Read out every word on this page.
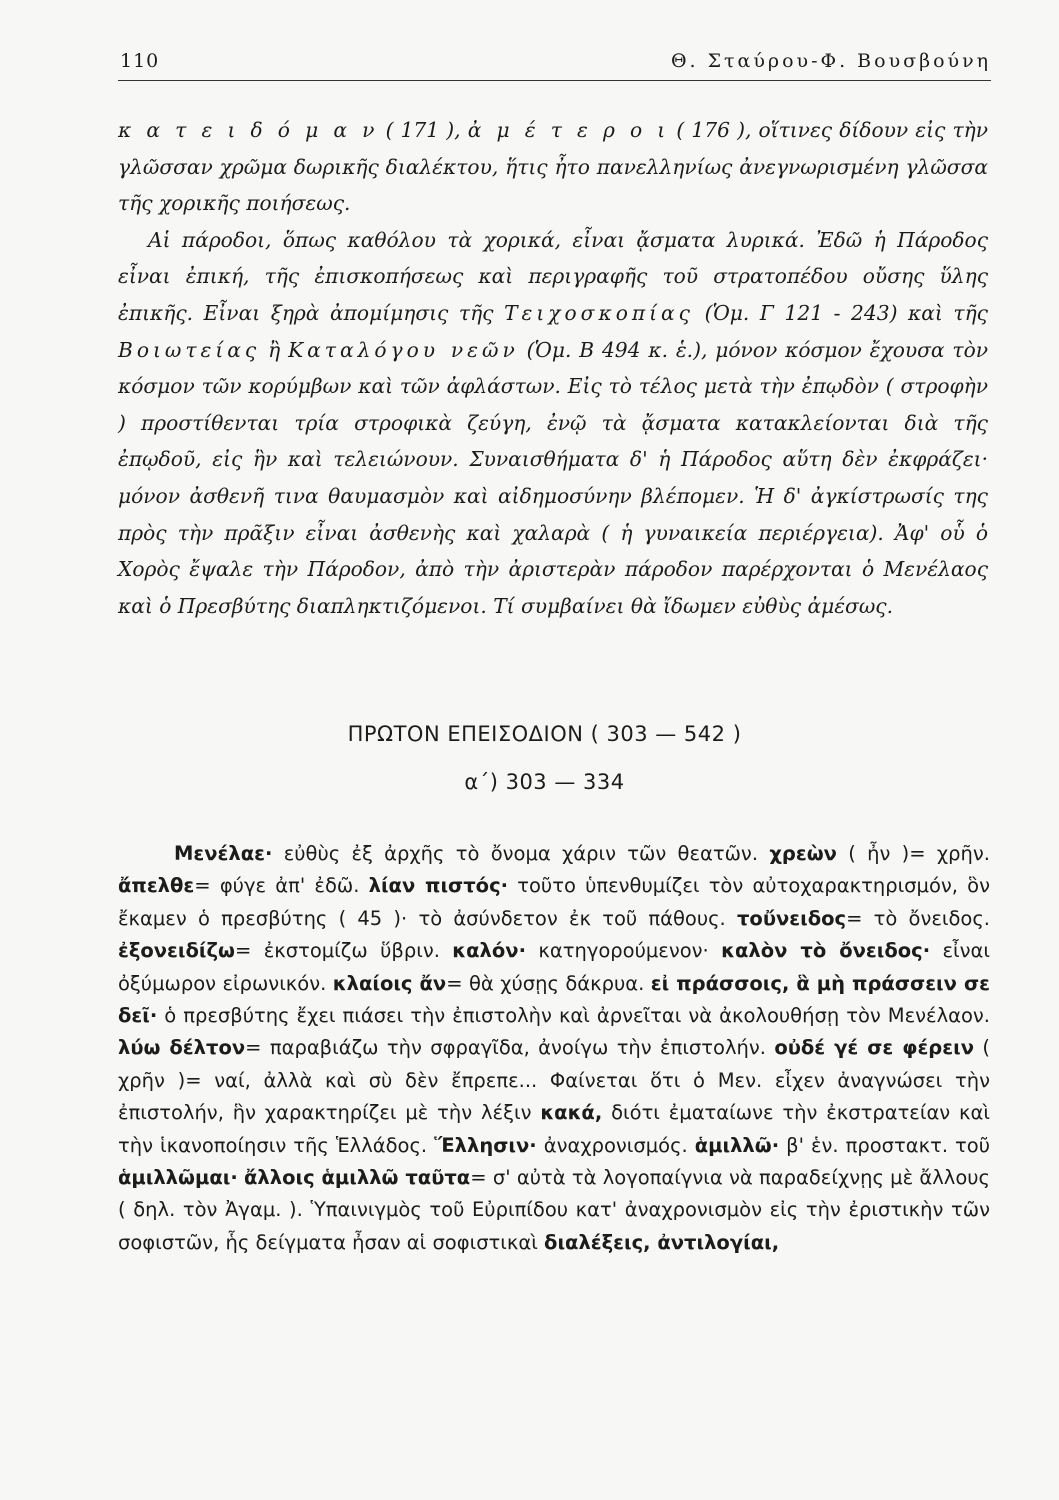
110	Θ. Σταύρου-Φ. Βουσβούνη

κ α τ ε ι δ ό μ α ν ( 171 ), ἀ μ έ τ ε ρ ο ι ( 176 ), οἵτινες δίδουν εἰς τὴν γλῶσσαν χρῶμα δωρικῆς διαλέκτου, ἥτις ἦτο πανελληνίως ἀνεγνωρισμένη γλῶσσα τῆς χορικῆς ποιήσεως.

Αἱ πάροδοι, ὅπως καθόλου τὰ χορικά, εἶναι ᾄσματα λυρικά. Ἐδῶ ἡ Πάροδος εἶναι ἐπική, τῆς ἐπισκοπήσεως καὶ περιγραφῆς τοῦ στρατοπέδου οὔσης ὕλης ἐπικῆς. Εἶναι ξηρὰ ἀπομίμησις τῆς Τειχοσκοπίας (Ὁμ. Γ 121 - 243) καὶ τῆς Βοιωτείας ἢ Καταλόγου νεῶν (Ὁμ. Β 494 κ. ἑ.), μόνον κόσμον ἔχουσα τὸν κόσμον τῶν κορύμβων καὶ τῶν ἀφλάστων. Εἰς τὸ τέλος μετὰ τὴν ἐπῳδὸν ( στροφὴν ) προστίθενται τρία στροφικὰ ζεύγη, ἐνῷ τὰ ᾄσματα κατακλείονται διὰ τῆς ἐπῳδοῦ, εἰς ἣν καὶ τελειώνουν. Συναισθήματα δ' ἡ Πάροδος αὕτη δὲν ἐκφράζει· μόνον ἀσθενῆ τινα θαυμασμὸν καὶ αἰδημοσύνην βλέπομεν. Ἡ δ' ἀγκίστρωσίς της πρὸς τὴν πρᾶξιν εἶναι ἀσθενὴς καὶ χαλαρὰ ( ἡ γυναικεία περιέργεια). Ἀφ' οὗ ὁ Χορὸς ἔψαλε τὴν Πάροδον, ἀπὸ τὴν ἀριστερὰν πάροδον παρέρχονται ὁ Μενέλαος καὶ ὁ Πρεσβύτης διαπληκτιζόμενοι. Τί συμβαίνει θὰ ἴδωμεν εὐθὺς ἀμέσως.

ΠΡΩΤΟΝ ΕΠΕΙΣΟΔΙΟΝ ( 303 — 542 )
α΄) 303 — 334

Μενέλαε· εὐθὺς ἐξ ἀρχῆς τὸ ὄνομα χάριν τῶν θεατῶν. χρεὼν ( ἦν )= χρῆν. ἄπελθε= φύγε ἀπ' ἐδῶ. λίαν πιστός· τοῦτο ὑπενθυμίζει τὸν αὐτοχαρακτηρισμόν, ὃν ἔκαμεν ὁ πρεσβύτης ( 45 )· τὸ ἀσύνδετον ἐκ τοῦ πάθους. τοὔνειδος= τὸ ὄνειδος. ἐξονειδίζω= ἐκστομίζω ὕβριν. καλόν· κατηγορούμενον· καλὸν τὸ ὄνειδος· εἶναι ὀξύμωρον εἰρωνικόν. κλαίοις ἄν= θὰ χύσῃς δάκρυα. εἰ πράσσοις, ἃ μὴ πράσσειν σε δεῖ· ὁ πρεσβύτης ἔχει πιάσει τὴν ἐπιστολὴν καὶ ἀρνεῖται νὰ ἀκολουθήσῃ τὸν Μενέλαον. λύω δέλτον= παραβιάζω τὴν σφραγῖδα, ἀνοίγω τὴν ἐπιστολήν. οὐδέ γέ σε φέρειν ( χρῆν )= ναί, ἀλλὰ καὶ σὺ δὲν ἔπρεπε... Φαίνεται ὅτι ὁ Μεν. εἶχεν ἀναγνώσει τὴν ἐπιστολήν, ἣν χαρακτηρίζει μὲ τὴν λέξιν κακά, διότι ἐματαίωνε τὴν ἐκστρατείαν καὶ τὴν ἱκανοποίησιν τῆς Ἑλλάδος. Ἕλλησιν· ἀναχρονισμός. ἁμιλλῶ· β' ἑν. προστακτ. τοῦ ἁμιλλῶμαι· ἄλλοις ἁμιλλῶ ταῦτα= σ' αὐτὰ τὰ λογοπαίγνια νὰ παραδείχνῃς μὲ ἄλλους ( δηλ. τὸν Ἀγαμ. ). Ὑπαινιγμὸς τοῦ Εὐριπίδου κατ' ἀναχρονισμὸν εἰς τὴν ἐριστικὴν τῶν σοφιστῶν, ἧς δείγματα ἦσαν αἱ σοφιστικαὶ διαλέξεις, ἀντιλογίαι,
